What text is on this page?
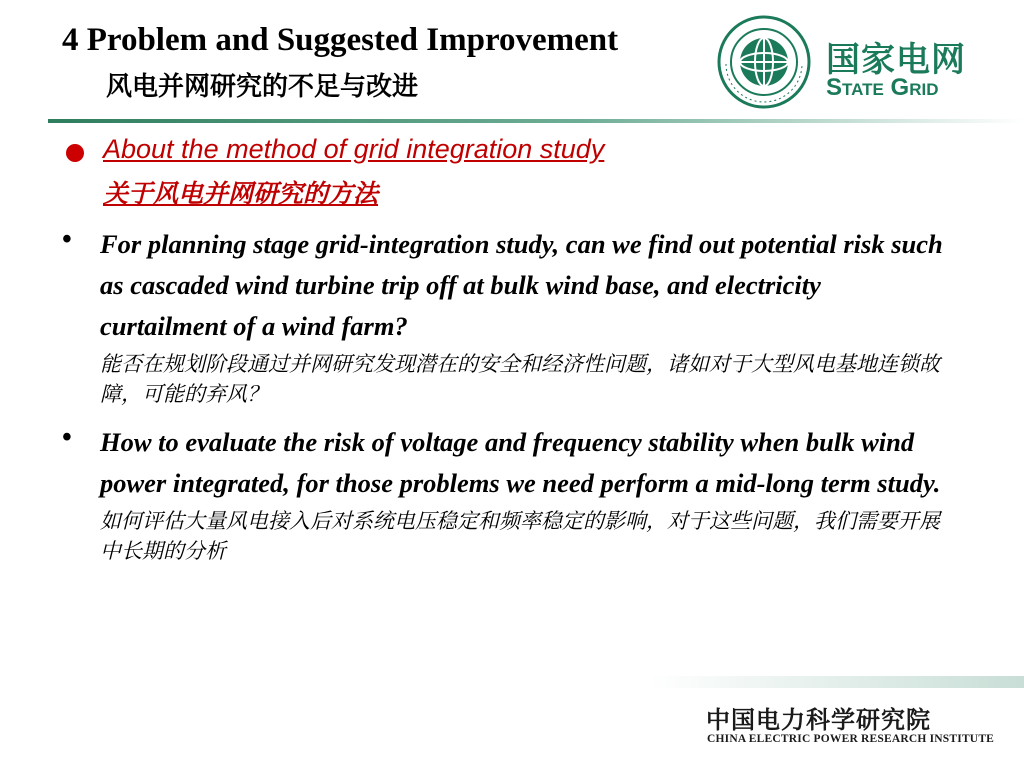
4 Problem and Suggested Improvement
风电并网研究的不足与改进
国家电网
State Grid
About the method of grid integration study
关于风电并网研究的方法
• For planning stage grid-integration study, can we find out potential risk such as cascaded wind turbine trip off at bulk wind base, and electricity curtailment of a wind farm?
能否在规划阶段通过并网研究发现潜在的安全和经济性问题，诸如对于大型风电基地连锁故障，可能的弃风？
• How to evaluate the risk of voltage and frequency stability when bulk wind power integrated, for those problems we need perform a mid-long term study.
如何评估大量风电接入后对系统电压稳定和频率稳定的影响，对于这些问题，我们需要开展中长期的分析
中国电力科学研究院
CHINA ELECTRIC POWER RESEARCH INSTITUTE
